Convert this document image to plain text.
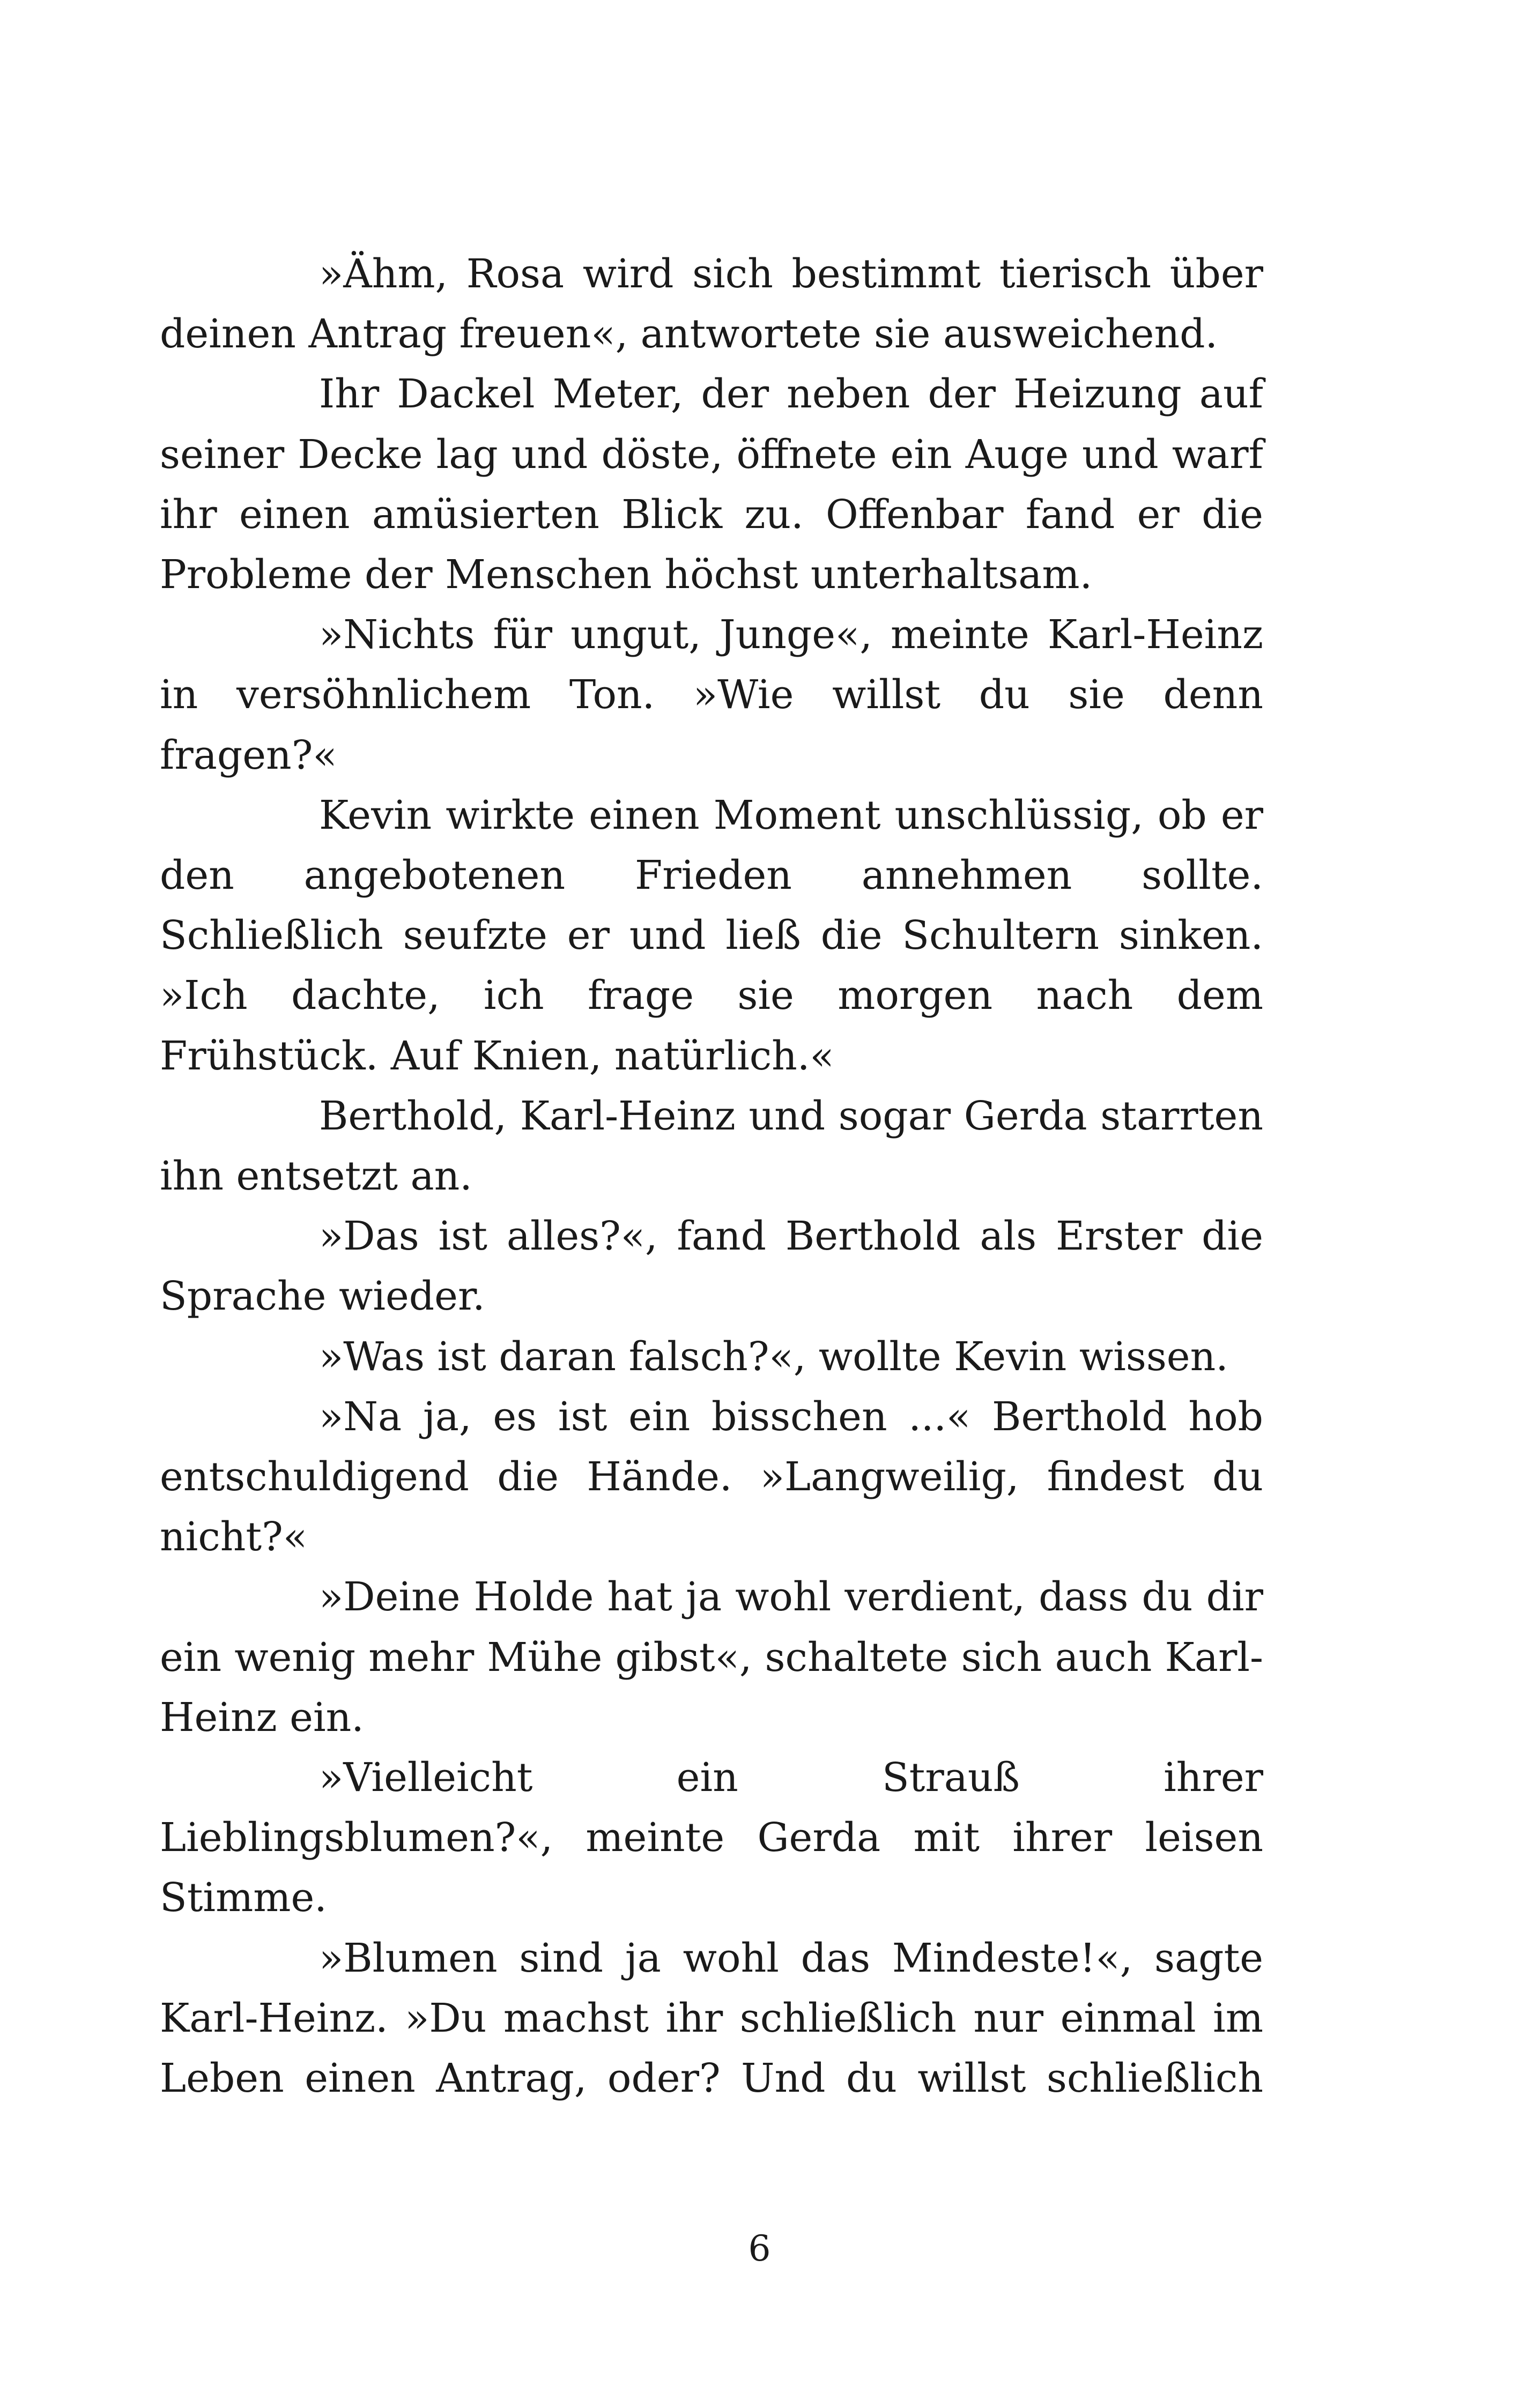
»Ähm, Rosa wird sich bestimmt tierisch über deinen Antrag freuen«, antwortete sie ausweichend.

Ihr Dackel Meter, der neben der Heizung auf seiner Decke lag und döste, öffnete ein Auge und warf ihr einen amüsierten Blick zu. Offenbar fand er die Probleme der Menschen höchst unterhaltsam.

»Nichts für ungut, Junge«, meinte Karl-Heinz in versöhnlichem Ton. »Wie willst du sie denn fragen?«

Kevin wirkte einen Moment unschlüssig, ob er den angebotenen Frieden annehmen sollte. Schließlich seufzte er und ließ die Schultern sinken. »Ich dachte, ich frage sie morgen nach dem Frühstück. Auf Knien, natürlich.«

Berthold, Karl-Heinz und sogar Gerda starrten ihn entsetzt an.

»Das ist alles?«, fand Berthold als Erster die Sprache wieder.

»Was ist daran falsch?«, wollte Kevin wissen.

»Na ja, es ist ein bisschen ...« Berthold hob entschuldigend die Hände. »Langweilig, findest du nicht?«

»Deine Holde hat ja wohl verdient, dass du dir ein wenig mehr Mühe gibst«, schaltete sich auch Karl-Heinz ein.

»Vielleicht ein Strauß ihrer Lieblingsblumen?«, meinte Gerda mit ihrer leisen Stimme.

»Blumen sind ja wohl das Mindeste!«, sagte Karl-Heinz. »Du machst ihr schließlich nur einmal im Leben einen Antrag, oder? Und du willst schließlich

6
